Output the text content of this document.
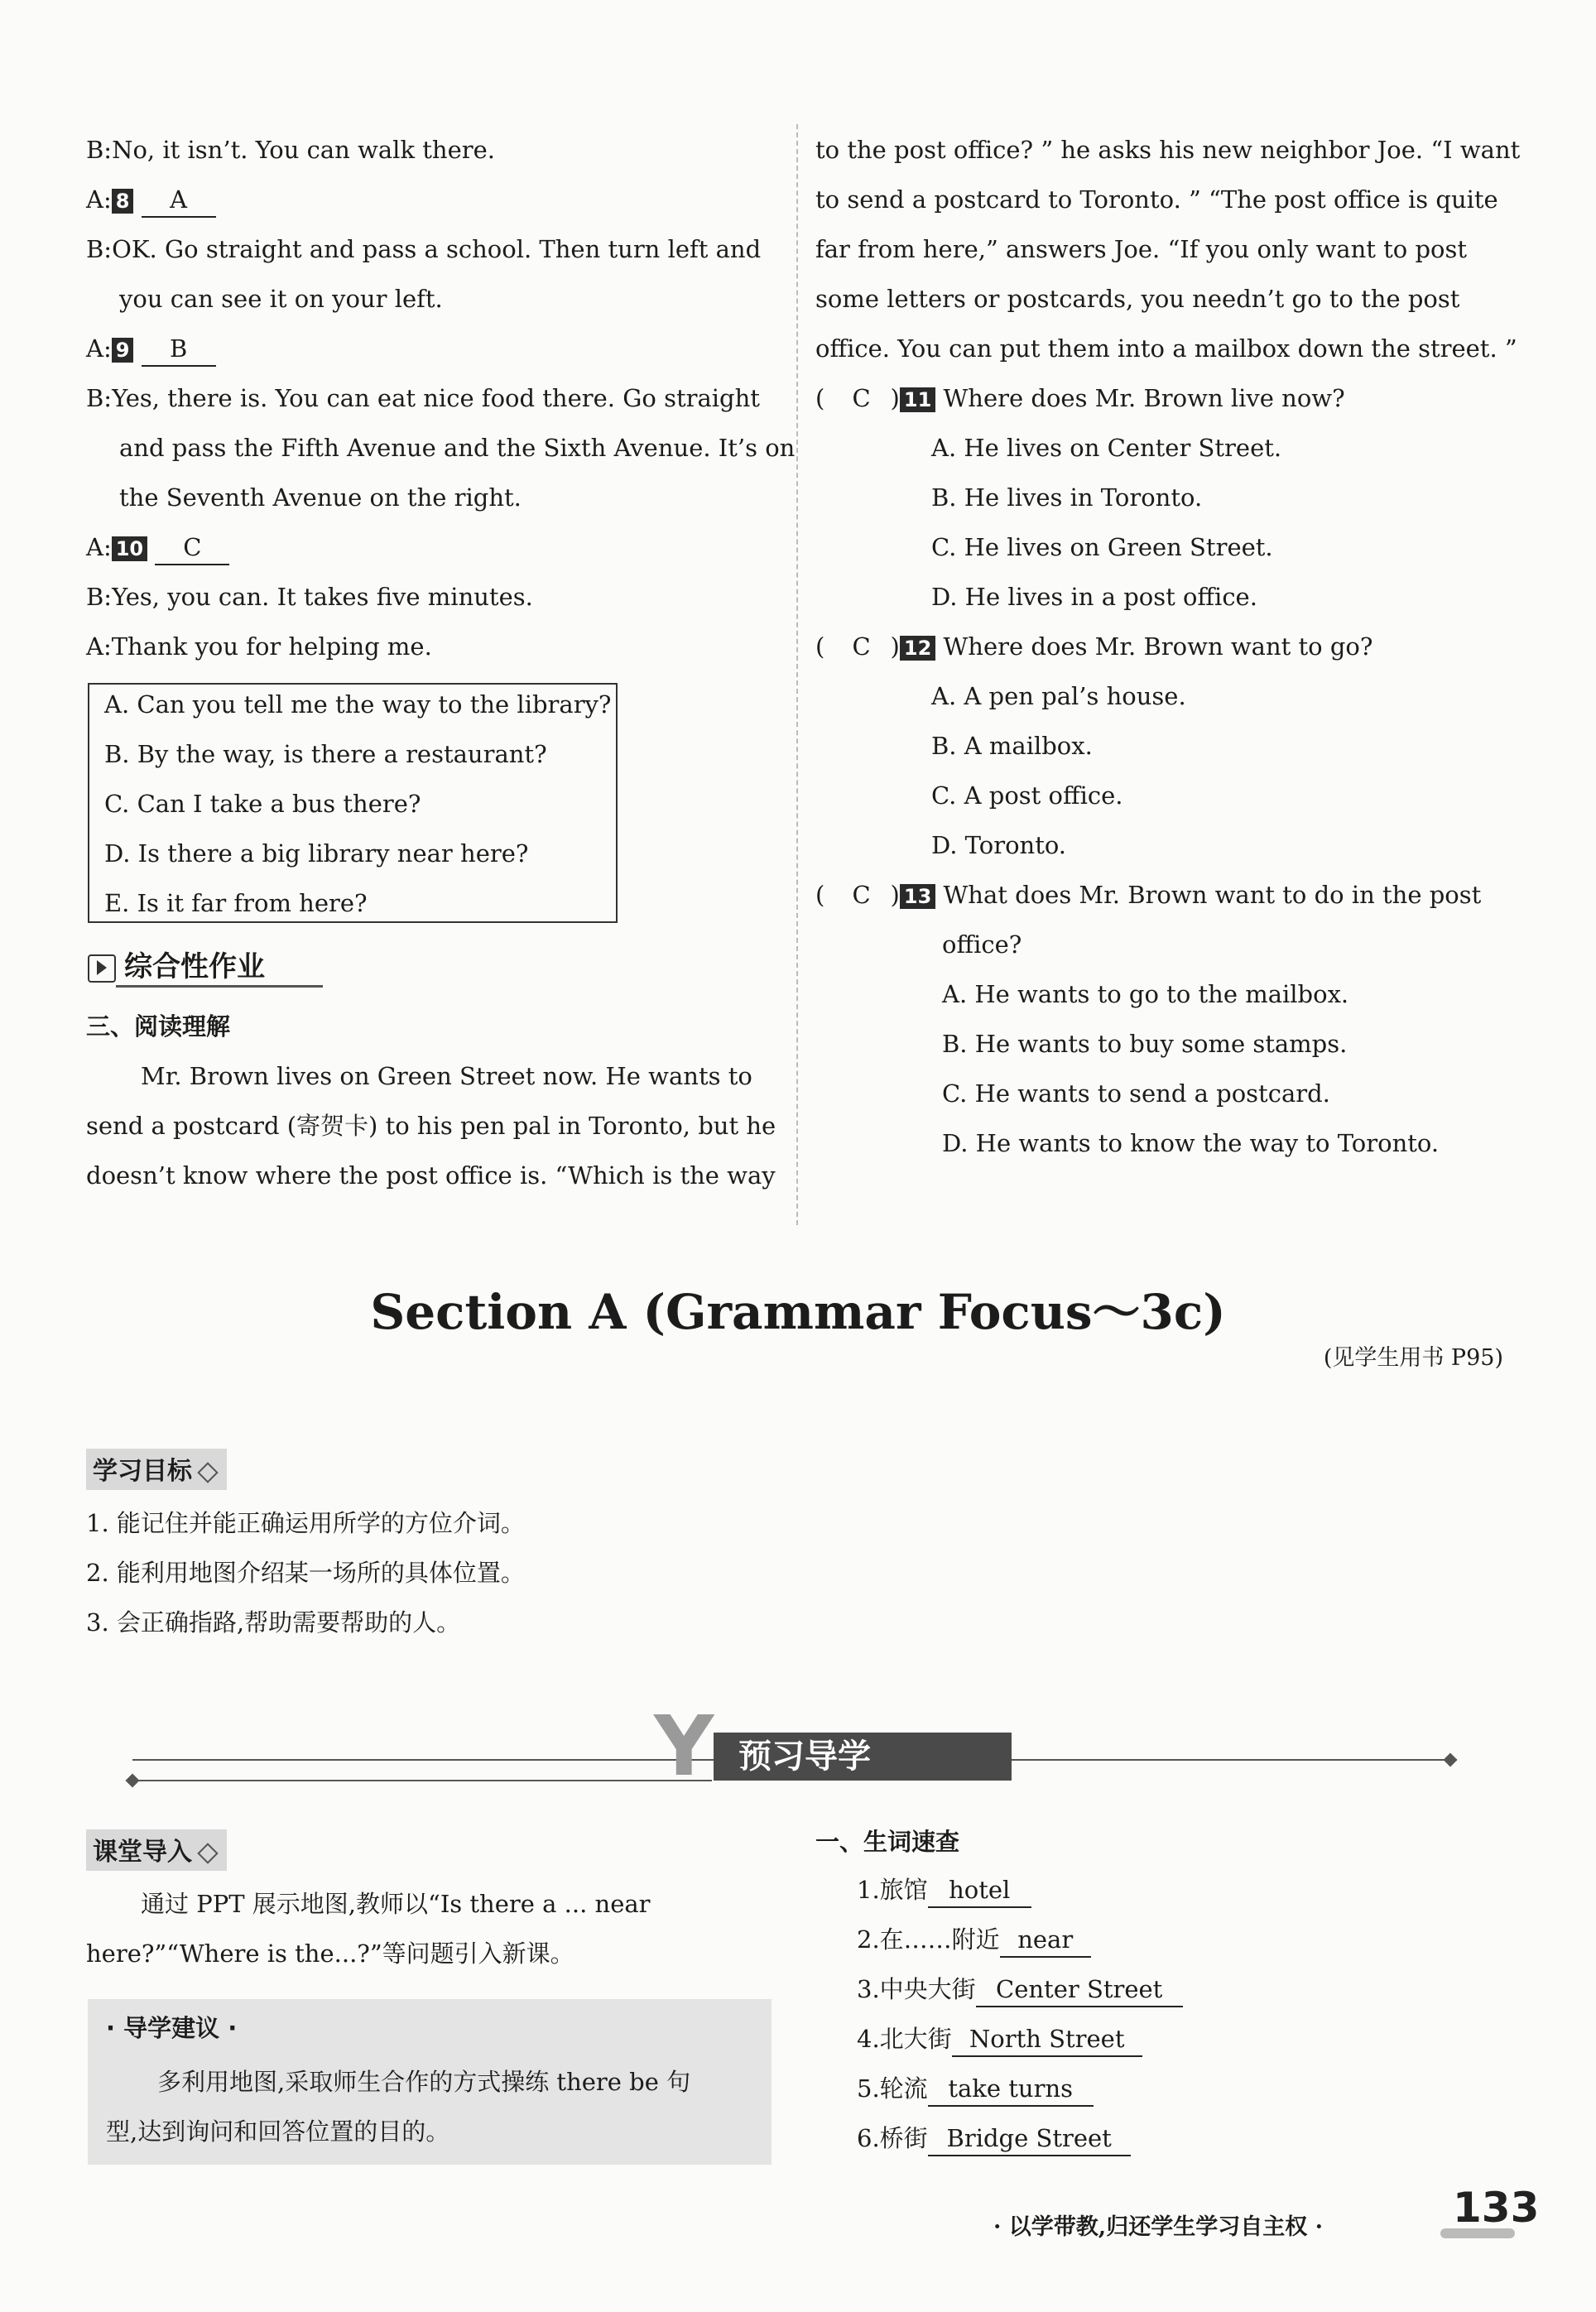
B:No, it isn’t. You can walk there.
A: 8 A
B:OK. Go straight and pass a school. Then turn left and
you can see it on your left.
A: 9 B
B:Yes, there is. You can eat nice food there. Go straight
and pass the Fifth Avenue and the Sixth Avenue. It’s on
the Seventh Avenue on the right.
A: 10 C
B:Yes, you can. It takes five minutes.
A:Thank you for helping me.
A. Can you tell me the way to the library?
B. By the way, is there a restaurant?
C. Can I take a bus there?
D. Is there a big library near here?
E. Is it far from here?
综合性作业
三、阅读理解
Mr. Brown lives on Green Street now. He wants to
send a postcard (寄贺卡) to his pen pal in Toronto, but he
doesn’t know where the post office is. “Which is the way
to the post office? ” he asks his new neighbor Joe. “I want
to send a postcard to Toronto. ” “The post office is quite
far from here,” answers Joe. “If you only want to post
some letters or postcards, you needn’t go to the post
office. You can put them into a mailbox down the street. ”
( C ) 11 Where does Mr. Brown live now?
A. He lives on Center Street.
B. He lives in Toronto.
C. He lives on Green Street.
D. He lives in a post office.
( C ) 12 Where does Mr. Brown want to go?
A. A pen pal’s house.
B. A mailbox.
C. A post office.
D. Toronto.
( C ) 13 What does Mr. Brown want to do in the post
office?
A. He wants to go to the mailbox.
B. He wants to buy some stamps.
C. He wants to send a postcard.
D. He wants to know the way to Toronto.
Section A (Grammar Focus～3c)
(见学生用书 P95)
学习目标
1. 能记住并能正确运用所学的方位介词。
2. 能利用地图介绍某一场所的具体位置。
3. 会正确指路,帮助需要帮助的人。
Y 预习导学
课堂导入
通过 PPT 展示地图,教师以“Is there a ... near
here?”“Where is the...?”等问题引入新课。
· 导学建议 ·
多利用地图,采取师生合作的方式操练 there be 句
型,达到询问和回答位置的目的。
一、生词速查
1.旅馆 hotel
2.在……附近 near
3.中央大街 Center Street
4.北大街 North Street
5.轮流 take turns
6.桥街 Bridge Street
· 以学带教,归还学生学习自主权 ·	133
